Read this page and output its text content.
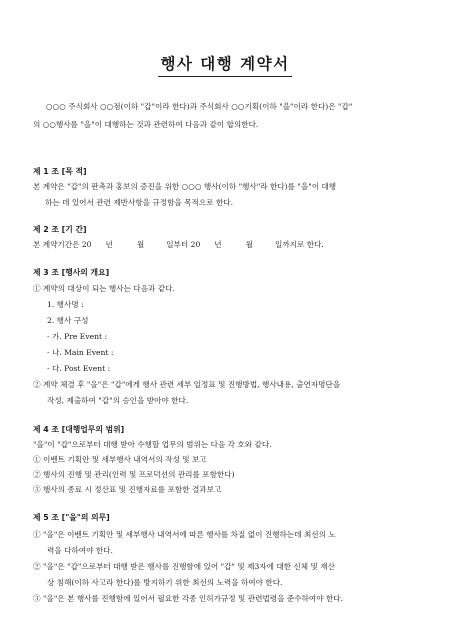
행사 대행 계약서
○○○ 주식회사 ○○점(이하 "갑"이라 한다)과 주식회사 ○○기획(이하 "을"이라 한다)은 "갑"
의 ○○행사를 "을"이 대행하는 것과 관련하여 다음과 같이 합의한다.
제 1 조 [목 적]
본 계약은 "갑"의 판촉과 홍보의 증진을 위한 ○○○ 행사(이하 "행사"라 한다)를 "을"이 대행
하는 데 있어서 관련 제반사항을 규정함을 목적으로 한다.
제 2 조 [기 간]
본 계약기간은 20 년	월	일부터 20 년	월	일까지로 한다.
제 3 조 [행사의 개요]
① 계약의 대상이 되는 행사는 다음과 같다.
1. 행사명 :
2. 행사 구성
- 가. Pre Event :
- 나. Main Event :
- 다. Post Event :
② 계약 체결 후 "을"은 "갑"에게 행사 관련 세부 일정표 및 진행방법, 행사내용, 출연자명단을
작성, 제출하여 "갑"의 승인을 받아야 한다.
제 4 조 [대행업무의 범위]
"을"이 "갑"으로부터 대행 받아 수행할 업무의 범위는 다음 각 호와 같다.
① 이벤트 기획안 및 세부행사 내역서의 작성 및 보고
② 행사의 진행 및 관리(인력 및 프로덕션의 관리를 포함한다)
③ 행사의 종료 시 정산표 및 진행자료를 포함한 결과보고
제 5 조 ["을"의 의무]
① "을"은 이벤트 기획안 및 세부행사 내역서에 따른 행사를 차질 없이 진행하는데 최선의 노
력을 다하여야 한다.
② "을"은 "갑"으로부터 대행 받은 행사를 진행함에 있어 "갑" 및 제3자에 대한 신체 및 재산
상 침해(이하 사고라 한다)를 방지하기 위한 최선의 노력을 하여야 한다.
③ "을"은 본 행사를 진행함에 있어서 필요한 각종 인허가규정 및 관련법령을 준수하여야 한다.
